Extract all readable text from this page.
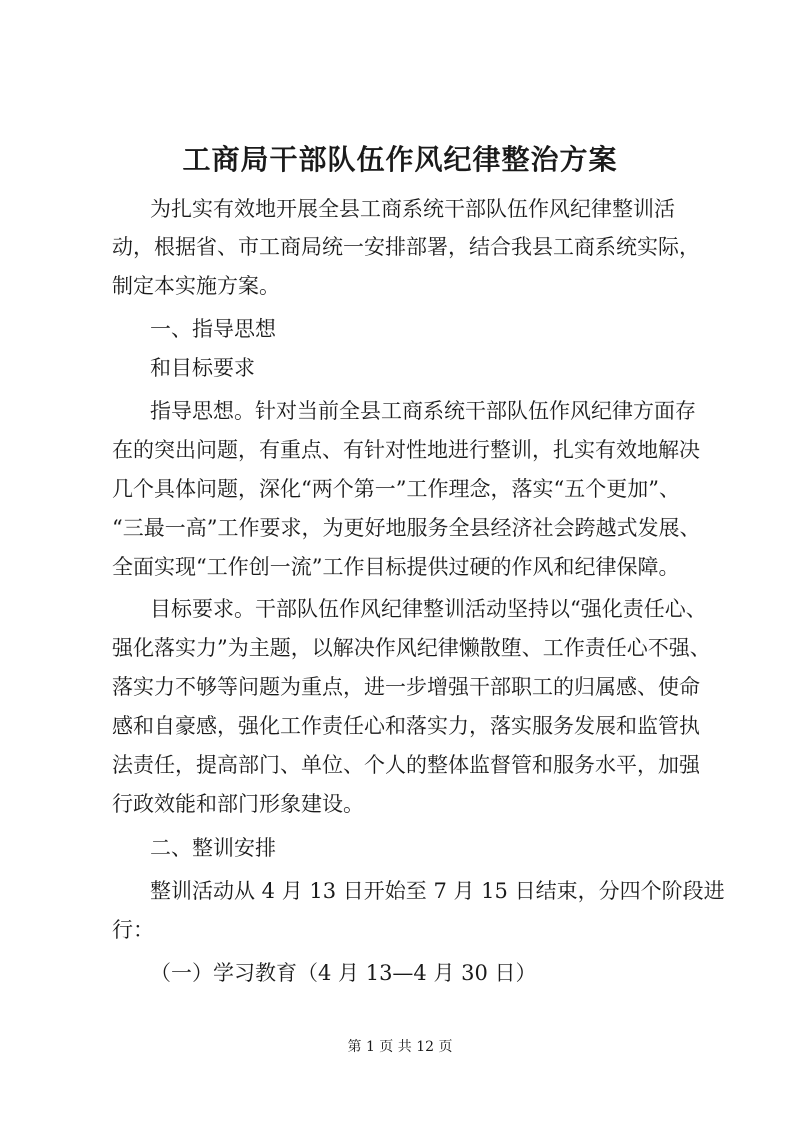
工商局干部队伍作风纪律整治方案
为扎实有效地开展全县工商系统干部队伍作风纪律整训活
动，根据省、市工商局统一安排部署，结合我县工商系统实际，
制定本实施方案。
一、指导思想
和目标要求
指导思想。针对当前全县工商系统干部队伍作风纪律方面存
在的突出问题，有重点、有针对性地进行整训，扎实有效地解决
几个具体问题，深化“两个第一”工作理念，落实“五个更加”、
“三最一高”工作要求，为更好地服务全县经济社会跨越式发展、
全面实现“工作创一流”工作目标提供过硬的作风和纪律保障。
目标要求。干部队伍作风纪律整训活动坚持以“强化责任心、
强化落实力”为主题，以解决作风纪律懒散堕、工作责任心不强、
落实力不够等问题为重点，进一步增强干部职工的归属感、使命
感和自豪感，强化工作责任心和落实力，落实服务发展和监管执
法责任，提高部门、单位、个人的整体监督管和服务水平，加强
行政效能和部门形象建设。
二、整训安排
整训活动从 4 月 13 日开始至 7 月 15 日结束，分四个阶段进
行：
（一）学习教育（4 月 13—4 月 30 日）
第 1 页 共 12 页
